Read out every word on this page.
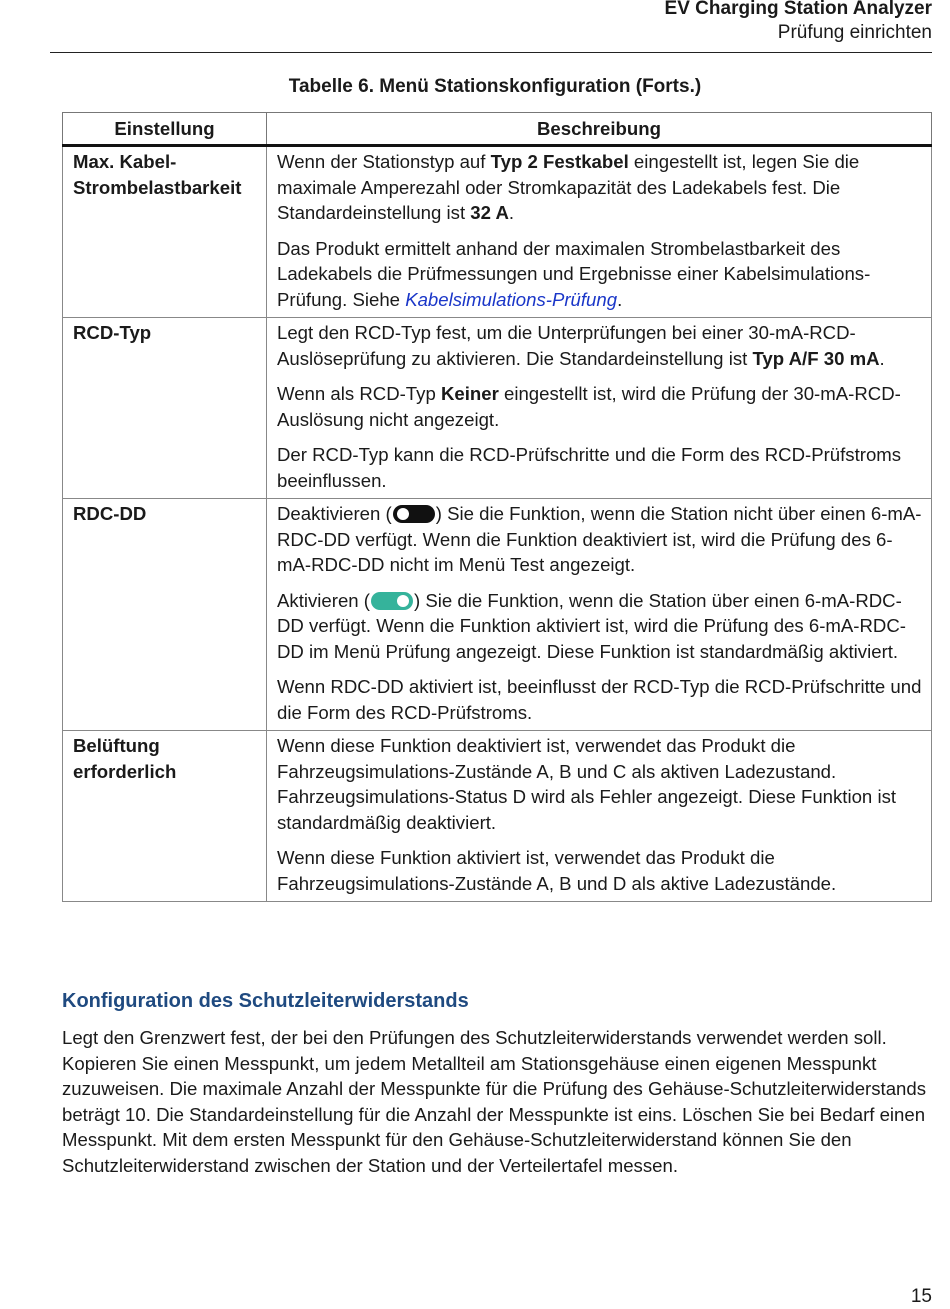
EV Charging Station Analyzer
Prüfung einrichten
Tabelle 6. Menü Stationskonfiguration (Forts.)
Einstellung	Beschreibung
Max. Kabel-Strombelastbarkeit	Wenn der Stationstyp auf Typ 2 Festkabel eingestellt ist, legen Sie die maximale Amperezahl oder Stromkapazität des Ladekabels fest. Die Standardeinstellung ist 32 A.

Das Produkt ermittelt anhand der maximalen Strombelastbarkeit des Ladekabels die Prüfmessungen und Ergebnisse einer Kabelsimulations-Prüfung. Siehe Kabelsimulations-Prüfung.

RCD-Typ	Legt den RCD-Typ fest, um die Unterprüfungen bei einer 30-mA-RCD-Auslöseprüfung zu aktivieren. Die Standardeinstellung ist Typ A/F 30 mA.

Wenn als RCD-Typ Keiner eingestellt ist, wird die Prüfung der 30-mA-RCD-Auslösung nicht angezeigt.

Der RCD-Typ kann die RCD-Prüfschritte und die Form des RCD-Prüfstroms beeinflussen.

RDC-DD	Deaktivieren ( ) Sie die Funktion, wenn die Station nicht über einen 6-mA-RDC-DD verfügt. Wenn die Funktion deaktiviert ist, wird die Prüfung des 6-mA-RDC-DD nicht im Menü Test angezeigt.

Aktivieren ( ) Sie die Funktion, wenn die Station über einen 6-mA-RDC-DD verfügt. Wenn die Funktion aktiviert ist, wird die Prüfung des 6-mA-RDC-DD im Menü Prüfung angezeigt. Diese Funktion ist standardmäßig aktiviert.

Wenn RDC-DD aktiviert ist, beeinflusst der RCD-Typ die RCD-Prüfschritte und die Form des RCD-Prüfstroms.

Belüftung erforderlich	Wenn diese Funktion deaktiviert ist, verwendet das Produkt die Fahrzeugsimulations-Zustände A, B und C als aktiven Ladezustand. Fahrzeugsimulations-Status D wird als Fehler angezeigt. Diese Funktion ist standardmäßig deaktiviert.

Wenn diese Funktion aktiviert ist, verwendet das Produkt die Fahrzeugsimulations-Zustände A, B und D als aktive Ladezustände.

Konfiguration des Schutzleiterwiderstands

Legt den Grenzwert fest, der bei den Prüfungen des Schutzleiterwiderstands verwendet werden soll. Kopieren Sie einen Messpunkt, um jedem Metallteil am Stationsgehäuse einen eigenen Messpunkt zuzuweisen. Die maximale Anzahl der Messpunkte für die Prüfung des Gehäuse-Schutzleiterwiderstands beträgt 10. Die Standardeinstellung für die Anzahl der Messpunkte ist eins. Löschen Sie bei Bedarf einen Messpunkt. Mit dem ersten Messpunkt für den Gehäuse-Schutzleiterwiderstand können Sie den Schutzleiterwiderstand zwischen der Station und der Verteilertafel messen.

15
